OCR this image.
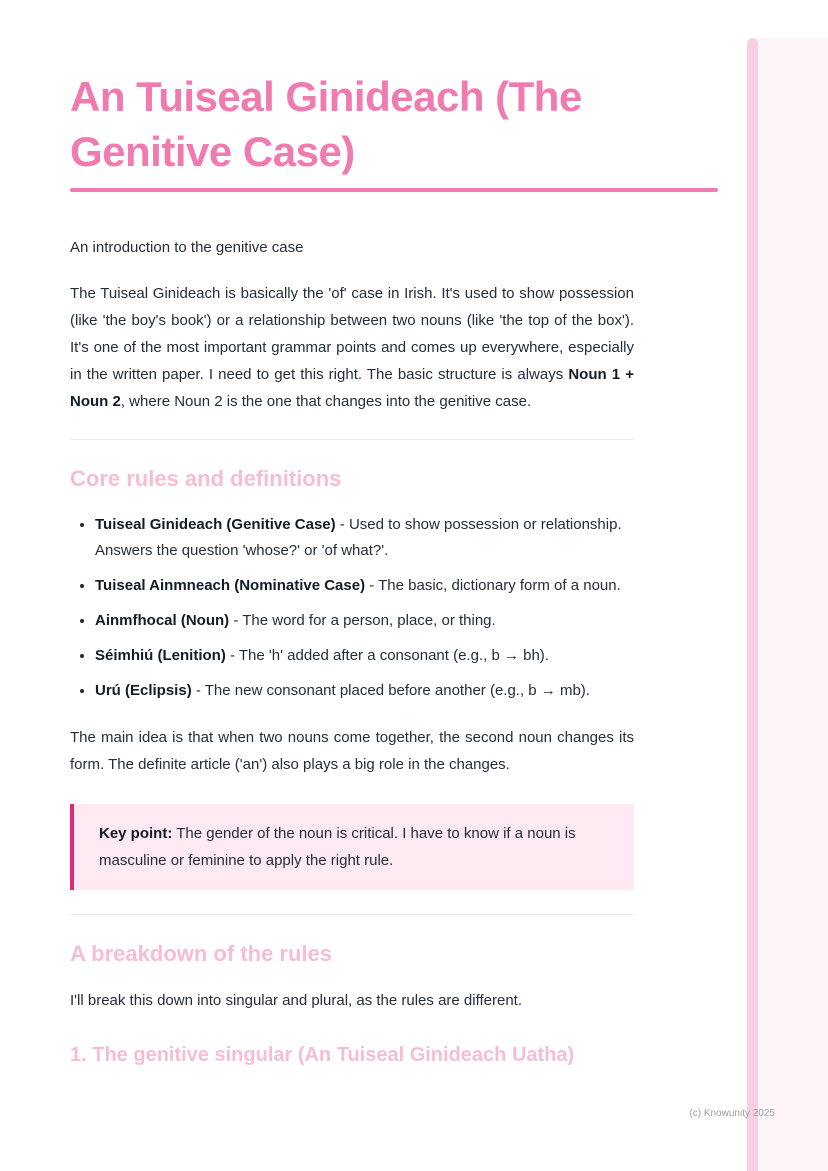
An Tuiseal Ginideach (The Genitive Case)

An introduction to the genitive case

The Tuiseal Ginideach is basically the 'of' case in Irish. It's used to show possession (like 'the boy's book') or a relationship between two nouns (like 'the top of the box'). It's one of the most important grammar points and comes up everywhere, especially in the written paper. I need to get this right. The basic structure is always Noun 1 + Noun 2, where Noun 2 is the one that changes into the genitive case.

Core rules and definitions
• Tuiseal Ginideach (Genitive Case) - Used to show possession or relationship. Answers the question 'whose?' or 'of what?'.
• Tuiseal Ainmneach (Nominative Case) - The basic, dictionary form of a noun.
• Ainmfhocal (Noun) - The word for a person, place, or thing.
• Séimhiú (Lenition) - The 'h' added after a consonant (e.g., b → bh).
• Urú (Eclipsis) - The new consonant placed before another (e.g., b → mb).

The main idea is that when two nouns come together, the second noun changes its form. The definite article ('an') also plays a big role in the changes.

Key point: The gender of the noun is critical. I have to know if a noun is masculine or feminine to apply the right rule.
A breakdown of the rules

I'll break this down into singular and plural, as the rules are different.

1. The genitive singular (An Tuiseal Ginideach Uatha)
(c) Knowunity 2025
